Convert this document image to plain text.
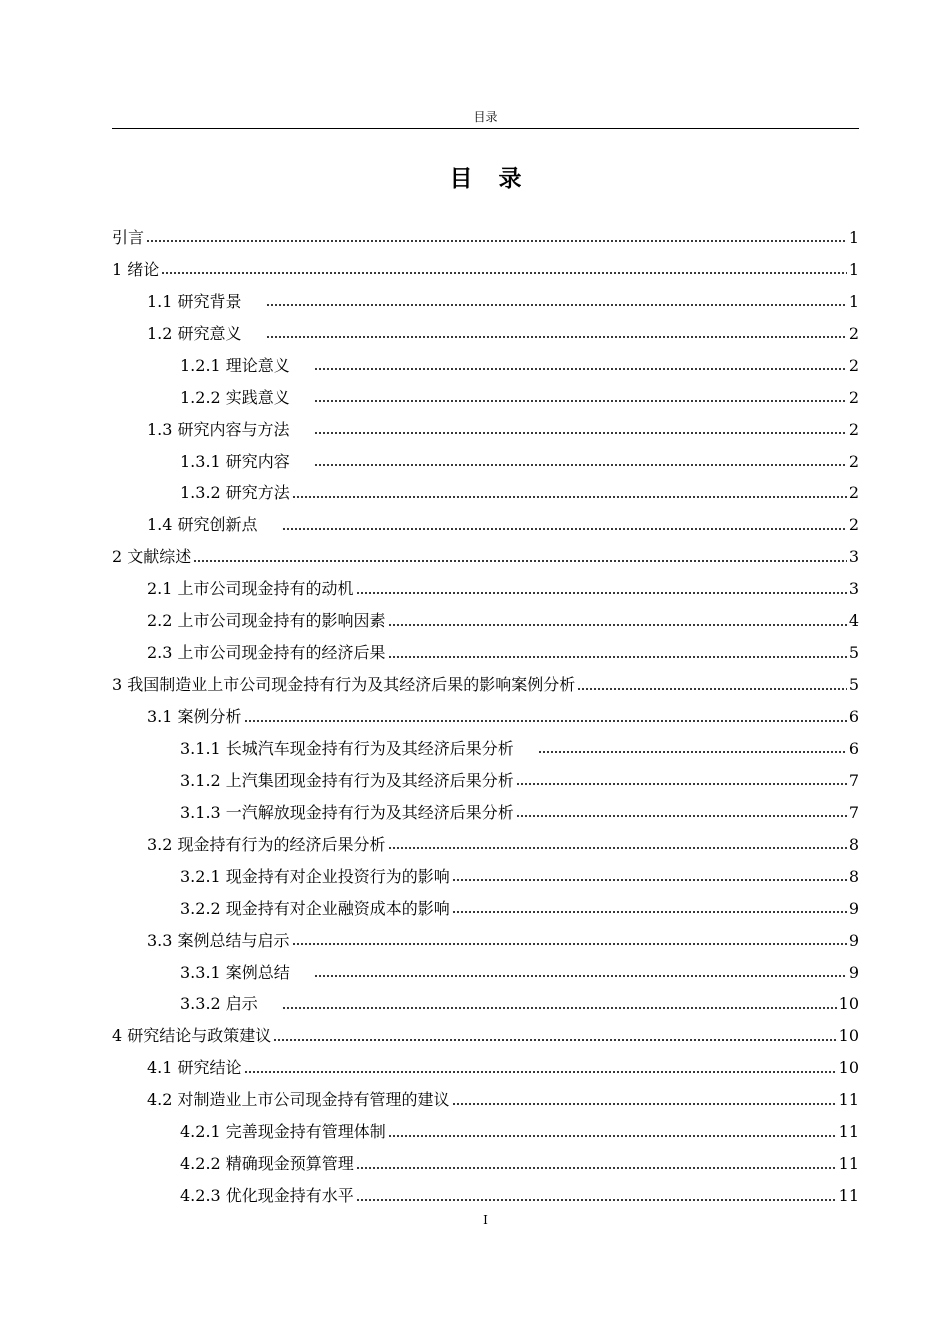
目录
目 录
引言	1
1 绪论	1
1.1 研究背景	1
1.2 研究意义	2
1.2.1 理论意义	2
1.2.2 实践意义	2
1.3 研究内容与方法	2
1.3.1 研究内容	2
1.3.2 研究方法	2
1.4 研究创新点	2
2 文献综述	3
2.1 上市公司现金持有的动机	3
2.2 上市公司现金持有的影响因素	4
2.3 上市公司现金持有的经济后果	5
3 我国制造业上市公司现金持有行为及其经济后果的影响案例分析	5
3.1 案例分析	6
3.1.1 长城汽车现金持有行为及其经济后果分析	6
3.1.2 上汽集团现金持有行为及其经济后果分析	7
3.1.3 一汽解放现金持有行为及其经济后果分析	7
3.2 现金持有行为的经济后果分析	8
3.2.1 现金持有对企业投资行为的影响	8
3.2.2 现金持有对企业融资成本的影响	9
3.3 案例总结与启示	9
3.3.1 案例总结	9
3.3.2 启示	10
4 研究结论与政策建议	10
4.1 研究结论	10
4.2 对制造业上市公司现金持有管理的建议	11
4.2.1 完善现金持有管理体制	11
4.2.2 精确现金预算管理	11
4.2.3 优化现金持有水平	11
I
